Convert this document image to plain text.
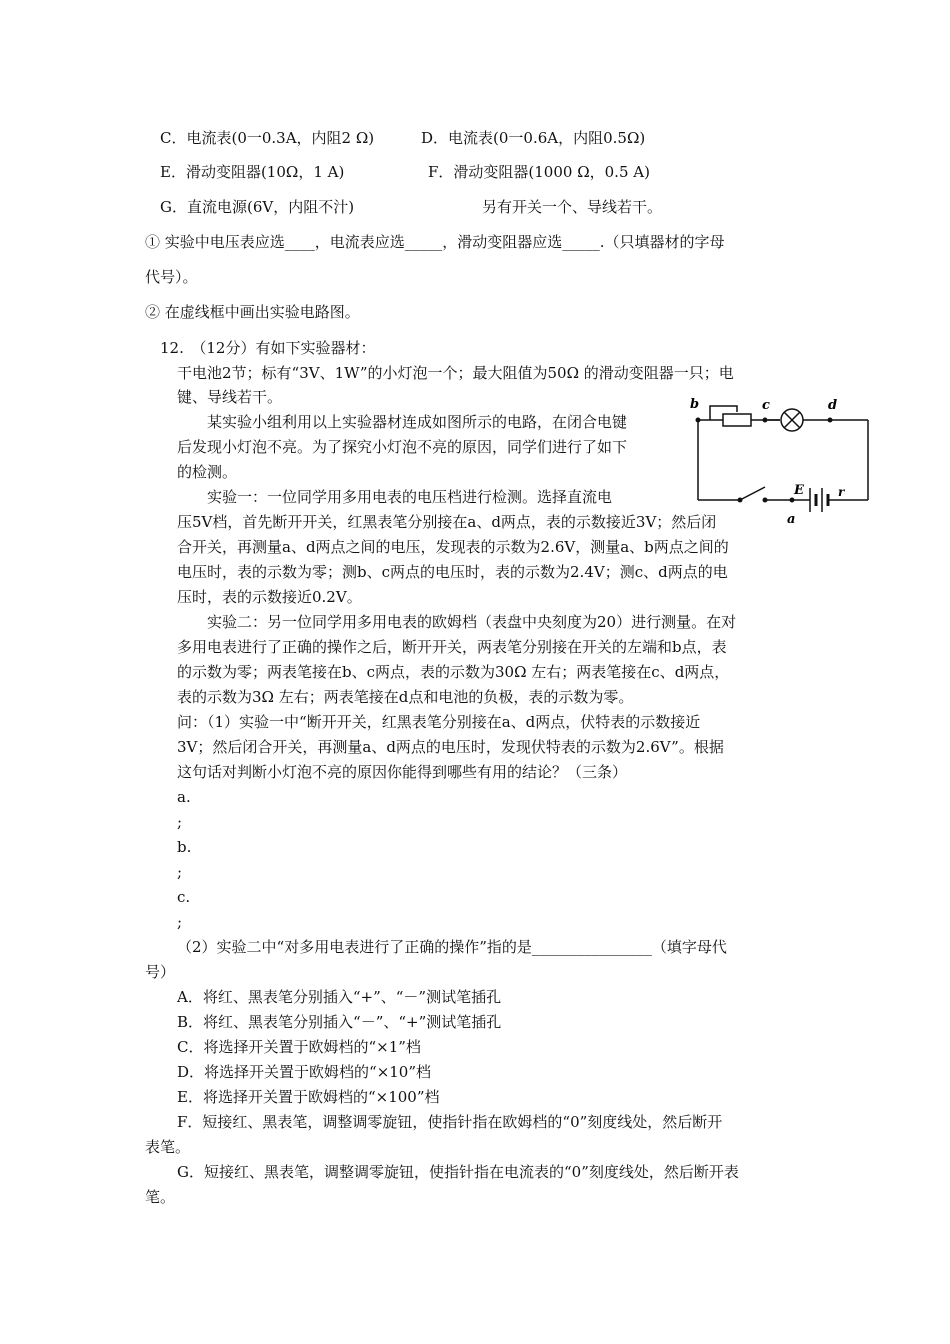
C．电流表(0一0.3A，内阻2 Ω)	D．电流表(0一0.6A，内阻0.5Ω)
E．滑动变阻器(10Ω，1 A)	F．滑动变阻器(1000 Ω，0.5 A)
G．直流电源(6V，内阻不汁)	另有开关一个、导线若干。
① 实验中电压表应选____，电流表应选_____，滑动变阻器应选_____.（只填器材的字母
代号）。
② 在虚线框中画出实验电路图。
12.　（12分）有如下实验器材：
干电池2节；标有“3V、1W”的小灯泡一个；最大阻值为50Ω 的滑动变阻器一只；电
键、导线若干。
　　某实验小组利用以上实验器材连成如图所示的电路，在闭合电键
后发现小灯泡不亮。为了探究小灯泡不亮的原因，同学们进行了如下
的检测。
　　实验一：一位同学用多用电表的电压档进行检测。选择直流电
压5V档，首先断开开关，红黑表笔分别接在a、d两点，表的示数接近3V；然后闭
合开关，再测量a、d两点之间的电压，发现表的示数为2.6V，测量a、b两点之间的
电压时，表的示数为零；测b、c两点的电压时，表的示数为2.4V；测c、d两点的电
压时，表的示数接近0.2V。
　　实验二：另一位同学用多用电表的欧姆档（表盘中央刻度为20）进行测量。在对
多用电表进行了正确的操作之后，断开开关，两表笔分别接在开关的左端和b点，表
的示数为零；两表笔接在b、c两点，表的示数为30Ω 左右；两表笔接在c、d两点，
表的示数为3Ω 左右；两表笔接在d点和电池的负极，表的示数为零。
问：（1）实验一中“断开开关，红黑表笔分别接在a、d两点，伏特表的示数接近
3V；然后闭合开关，再测量a、d两点的电压时，发现伏特表的示数为2.6V”。根据
这句话对判断小灯泡不亮的原因你能得到哪些有用的结论？（三条）
a.
;
b.
;
c.
;
（2）实验二中“对多用电表进行了正确的操作”指的是________________（填字母代
号）
A．将红、黑表笔分别插入“+”、“－”测试笔插孔
B．将红、黑表笔分别插入“－”、“+”测试笔插孔
C．将选择开关置于欧姆档的“×1”档
D．将选择开关置于欧姆档的“×10”档
E．将选择开关置于欧姆档的“×100”档
F．短接红、黑表笔，调整调零旋钮，使指针指在欧姆档的“0”刻度线处，然后断开
表笔。
G．短接红、黑表笔，调整调零旋钮，使指针指在电流表的“0”刻度线处，然后断开表
笔。
b	c	d
a
E	r
